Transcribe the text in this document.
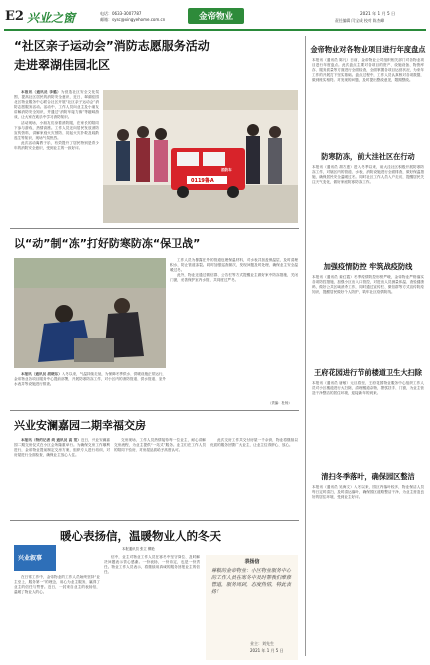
E2 兴业之窗	电话：0633-3007787
邮箱：sysc@xingyehome.com.cn	金帝物业	2021 年 1 月 5 日
责任编辑 闫宝成 校对 陈杰峰
“社区亲子运动会”消防志愿服务活动
走进翠湖佳园北区

本报讯（通讯员 李璐）为营造社区安全文化氛围，提高社区居民的消防安全意识，近日，翠湖佳园北区物业服务中心联合社区开展“社区亲子运动会”消防志愿服务活动。活动中，工作人员向业主及小朋友讲解消防安全知识，并通过“消防车接力赛”等趣味游戏，让大家在欢乐中学习消防知识。

活动现场，小朋友们身着消防服，在家长的陪同下参与游戏，热情高涨。工作人员还向居民发放消防宣传资料，讲解家庭火灾预防、初起火灾扑救及疏散逃生等知识，现场气氛热烈。

此次活动寓教于乐，有效提升了居民特别是青少年的消防安全意识，受到业主的一致好评。

消防车
0119鲁A
以“动”制“冻”打好防寒防冻“保卫战”

本报讯（通讯员 胡晓东）入冬以来，气温持续走低，为保障冬季供水、供暖设施正常运行，金帝物业各项目服务中心提前部署，开展防寒防冻工作，对小区内的消防管道、供水管道、室外水表井等设施进行排查。

工作人员为暴露在外的管道包裹保温材料，对水表井加盖保温层，及时清理积水，防止管道冻裂。同时加强巡查频次，发现问题及时处理，确保业主安全温暖过冬。

此外，物业还通过微信群、公告栏等方式提醒业主做好家中防冻措施，关闭门窗，妥善保护室内水管，共同度过严冬。

（责编：杜杨）
兴业安澜嘉园二期幸福交房

本报讯（特约记者 尚 通讯员 高 宽）近日，兴业安澜嘉园二期交房仪式在小区会所隆重举行。为确保交房工作顺利进行，金帝物业提前制定交房方案，组织专人进行培训，对房屋进行全面检查，确保业主放心入住。

交房现场，工作人员热情接待每一位业主，耐心讲解交房流程，为业主提供“一站式”服务。业主们在工作人员的陪同下验房，对房屋品质给予高度认可。

此次交房工作共交付房屋一千余套，物业将继续以优质的服务回馈广大业主，让业主住得舒心、放心。

暖心表扬信，温暖物业人的冬天
本报通讯员 张立 柳艳
兴业叙事

在日常工作中，金帝物业的工作人员始终坚持“业主至上，服务第一”的理念，用心为业主服务，赢得了业主的信任与赞誉。近日，一封来自业主的表扬信，温暖了物业人的心。

信中，业主对物业工作人员在寒冬中坚守岗位、及时解决问题表示衷心感谢。一份表扬，一份肯定，也是一份责任。物业工作人员表示，将继续用真诚的服务回报业主的信任。

表扬信
尊敬的金帝物业：小区物业服务中心的工作人员在寒冬中及时帮我们维修管道，服务周到，态度热情，特此表扬！
业主：刘先生
2021 年 1 月 5 日
金帝物业对各物业项目进行年度盘点
本报讯（通讯员 陈凡）日前，金帝物业公司组织相关部门对各物业项目进行年度盘点。此次盘点主要对各项目的资产、设施设备、物资库存、服务质量等方面进行全面检查，全面掌握各项目运营状况，为来年工作的开展打下坚实基础。盘点过程中，工作人员认真核对各项数据，做到账实相符。对发现的问题，及时提出整改意见，限期整改。
防寒防冻，前大洼社区在行动
本报讯（通讯员 胡方惠）进入冬季以来，前大洼社区积极开展防寒防冻工作，对辖区内的管道、水表、消防设施进行全面排查，做好保温措施，确保居民安全温暖过冬。同时社区工作人员入户走访，提醒居民关注天气变化，做好家庭防寒防冻工作。
加强疫情防控 牢筑战疫防线
本报讯（通讯员 姜红霞）冬季疫情防控形势严峻，金帝物业严格落实各项防控措施，加强小区出入口管控，对进出人员测量体温、查验健康码，做好公共区域消杀工作，同时通过宣传栏、微信群等方式宣传防疫知识，提醒居民做好个人防护，筑牢社区疫情防线。
王府花园进行节前楼道卫生大扫除
本报讯（通讯员 唐敏）元旦将至，王府花园物业服务中心组织工作人员对小区楼道进行大扫除，清理楼道杂物，擦拭扶手、门窗，为业主营造干净整洁的居住环境，迎接新年的到来。
清扫冬季落叶，确保园区整洁
本报讯（通讯员 吴海文）入冬以来，园区内落叶较多，物业保洁人员每日定时清扫，及时清运落叶，确保园区道路整洁干净，为业主营造良好的居住环境，受到业主好评。
